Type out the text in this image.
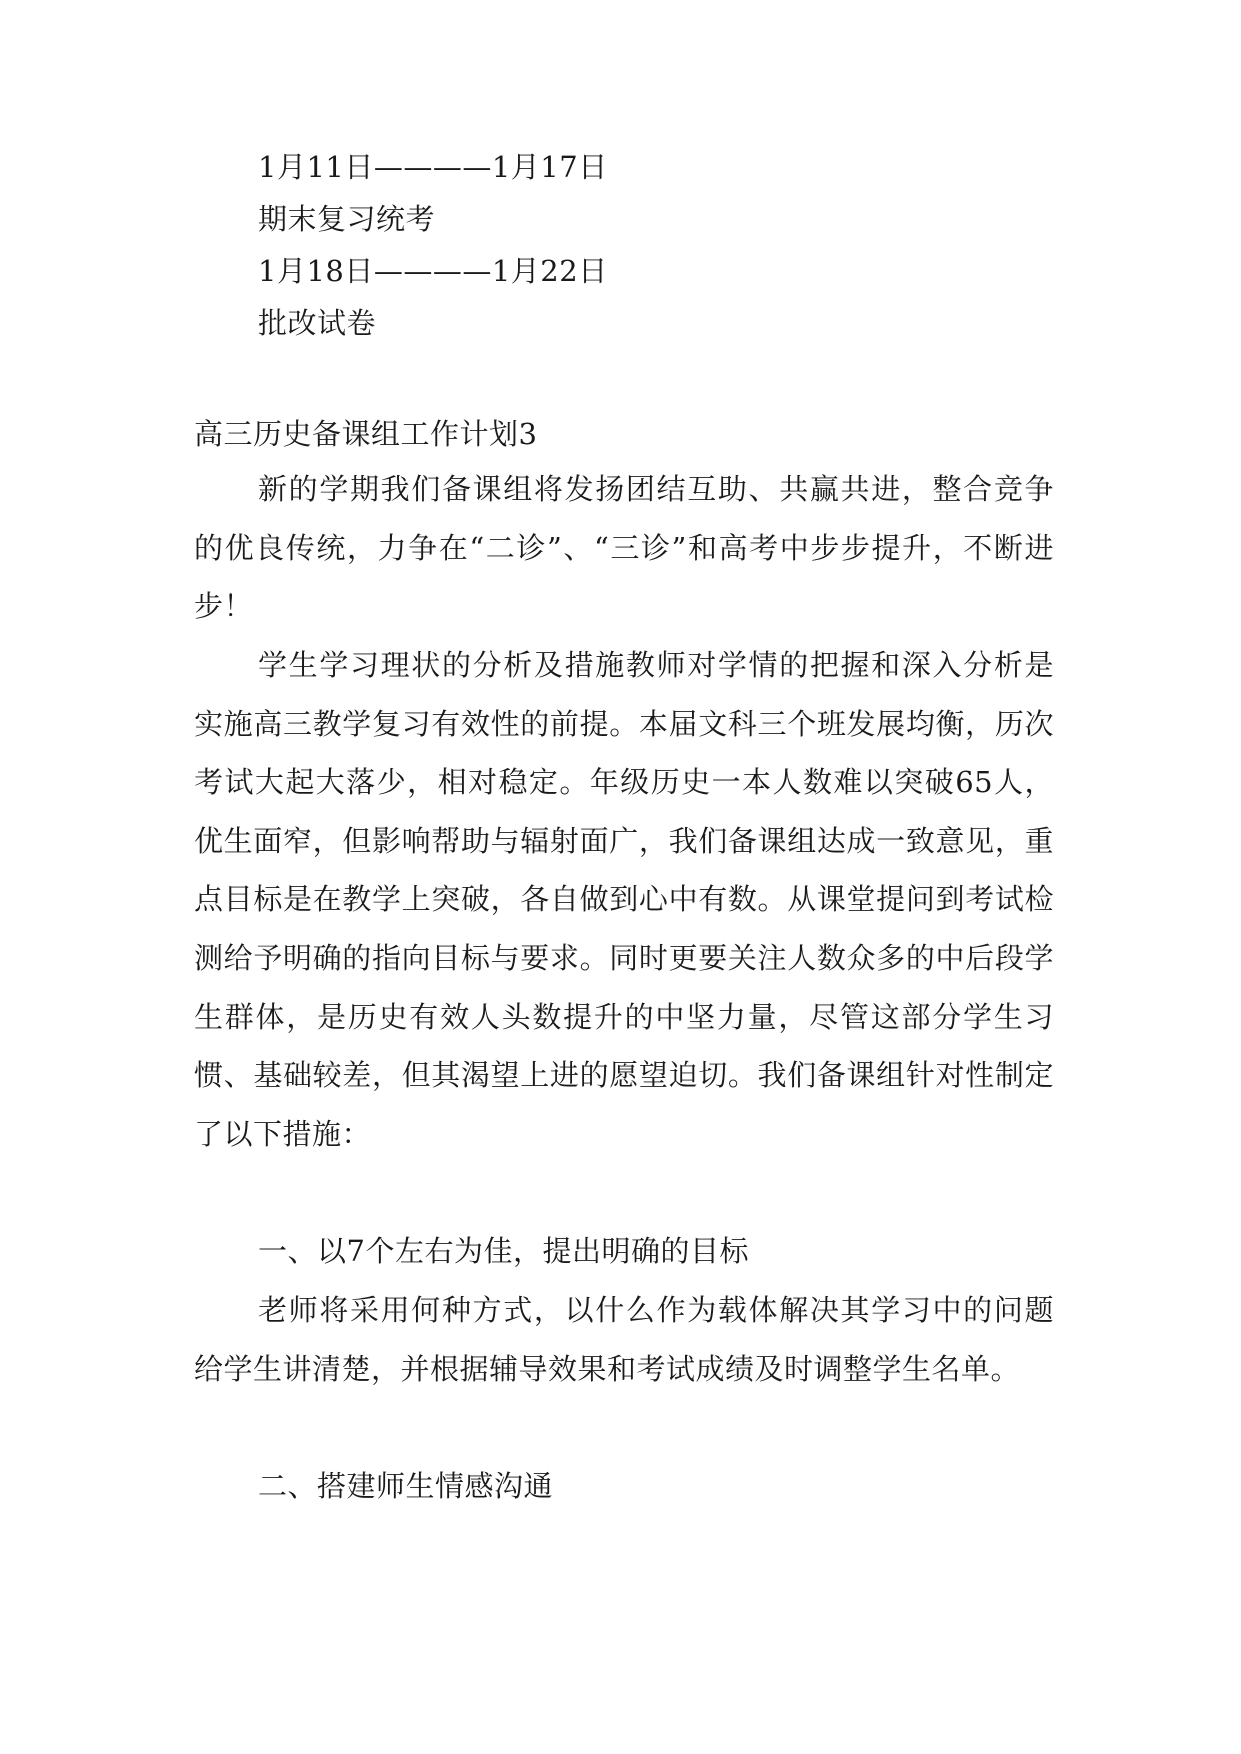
1月11日————1月17日
期末复习统考
1月18日————1月22日
批改试卷
高三历史备课组工作计划3
新的学期我们备课组将发扬团结互助、共赢共进，整合竞争的优良传统，力争在“二诊”、“三诊”和高考中步步提升，不断进步！
学生学习理状的分析及措施教师对学情的把握和深入分析是实施高三教学复习有效性的前提。本届文科三个班发展均衡，历次考试大起大落少，相对稳定。年级历史一本人数难以突破65人，优生面窄，但影响帮助与辐射面广，我们备课组达成一致意见，重点目标是在教学上突破，各自做到心中有数。从课堂提问到考试检测给予明确的指向目标与要求。同时更要关注人数众多的中后段学生群体，是历史有效人头数提升的中坚力量，尽管这部分学生习惯、基础较差，但其渴望上进的愿望迫切。我们备课组针对性制定了以下措施：
一、以7个左右为佳，提出明确的目标
老师将采用何种方式，以什么作为载体解决其学习中的问题给学生讲清楚，并根据辅导效果和考试成绩及时调整学生名单。
二、搭建师生情感沟通
